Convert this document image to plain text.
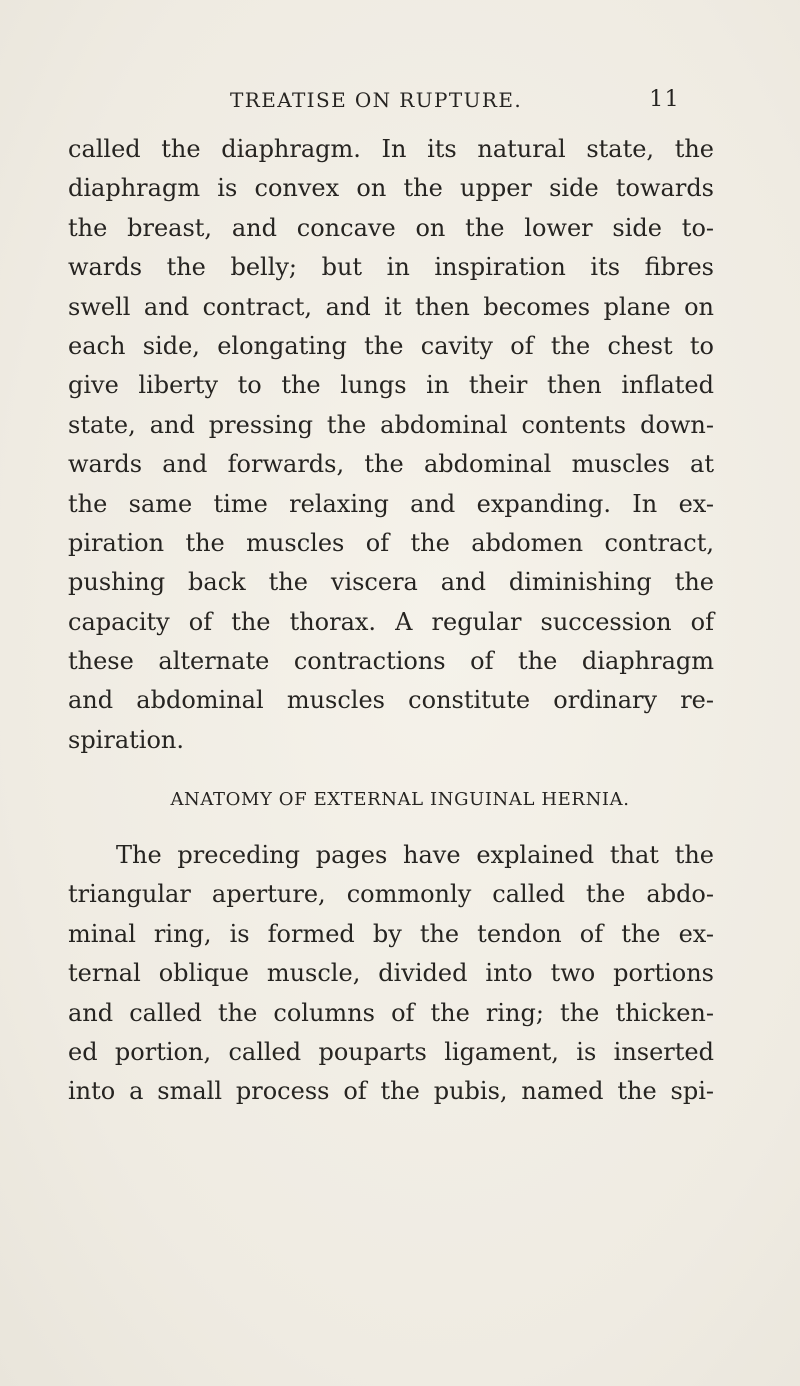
TREATISE ON RUPTURE.	11
called the diaphragm. In its natural state, the
diaphragm is convex on the upper side towards
the breast, and concave on the lower side to-
wards the belly; but in inspiration its fibres
swell and contract, and it then becomes plane on
each side, elongating the cavity of the chest to
give liberty to the lungs in their then inflated
state, and pressing the abdominal contents down-
wards and forwards, the abdominal muscles at
the same time relaxing and expanding. In ex-
piration the muscles of the abdomen contract,
pushing back the viscera and diminishing the
capacity of the thorax. A regular succession of
these alternate contractions of the diaphragm
and abdominal muscles constitute ordinary re-
spiration.
ANATOMY OF EXTERNAL INGUINAL HERNIA.
The preceding pages have explained that the
triangular aperture, commonly called the abdo-
minal ring, is formed by the tendon of the ex-
ternal oblique muscle, divided into two portions
and called the columns of the ring; the thicken-
ed portion, called pouparts ligament, is inserted
into a small process of the pubis, named the spi-
